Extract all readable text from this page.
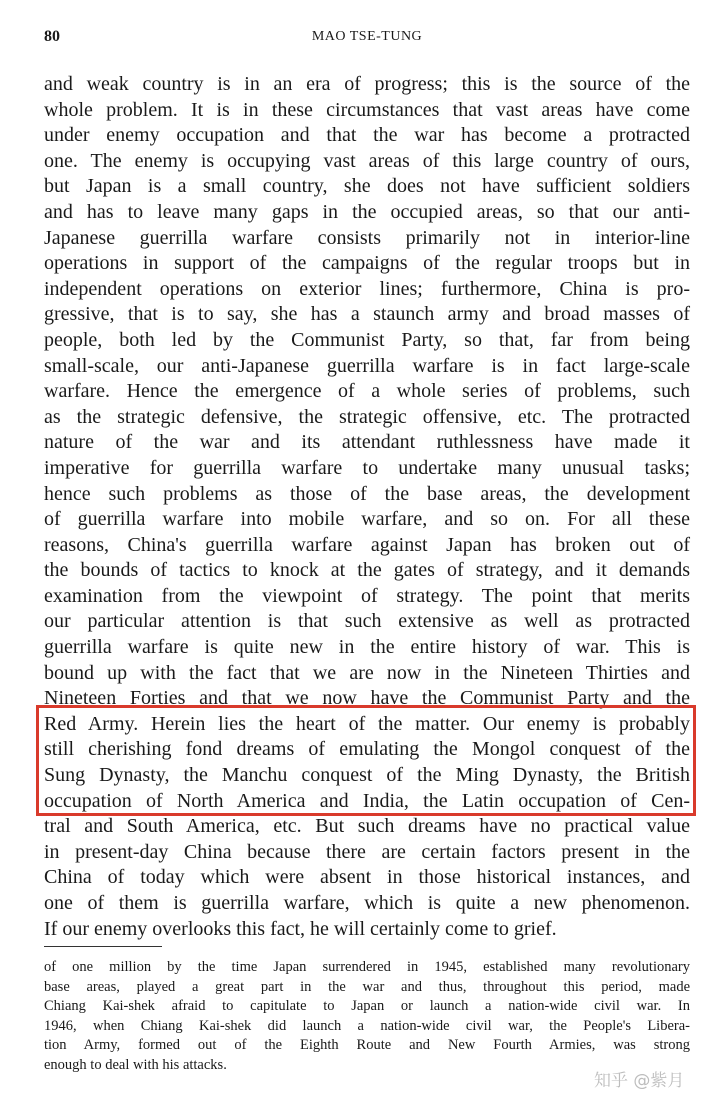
80	MAO TSE-TUNG
and weak country is in an era of progress; this is the source of the
whole problem. It is in these circumstances that vast areas have come
under enemy occupation and that the war has become a protracted
one. The enemy is occupying vast areas of this large country of ours,
but Japan is a small country, she does not have sufficient soldiers
and has to leave many gaps in the occupied areas, so that our anti-
Japanese guerrilla warfare consists primarily not in interior-line
operations in support of the campaigns of the regular troops but in
independent operations on exterior lines; furthermore, China is pro-
gressive, that is to say, she has a staunch army and broad masses of
people, both led by the Communist Party, so that, far from being
small-scale, our anti-Japanese guerrilla warfare is in fact large-scale
warfare. Hence the emergence of a whole series of problems, such
as the strategic defensive, the strategic offensive, etc. The protracted
nature of the war and its attendant ruthlessness have made it
imperative for guerrilla warfare to undertake many unusual tasks;
hence such problems as those of the base areas, the development
of guerrilla warfare into mobile warfare, and so on. For all these
reasons, China's guerrilla warfare against Japan has broken out of
the bounds of tactics to knock at the gates of strategy, and it demands
examination from the viewpoint of strategy. The point that merits
our particular attention is that such extensive as well as protracted
guerrilla warfare is quite new in the entire history of war. This is
bound up with the fact that we are now in the Nineteen Thirties and
Nineteen Forties and that we now have the Communist Party and the
Red Army. Herein lies the heart of the matter. Our enemy is probably
still cherishing fond dreams of emulating the Mongol conquest of the
Sung Dynasty, the Manchu conquest of the Ming Dynasty, the British
occupation of North America and India, the Latin occupation of Cen-
tral and South America, etc. But such dreams have no practical value
in present-day China because there are certain factors present in the
China of today which were absent in those historical instances, and
one of them is guerrilla warfare, which is quite a new phenomenon.
If our enemy overlooks this fact, he will certainly come to grief.
of one million by the time Japan surrendered in 1945, established many revolutionary
base areas, played a great part in the war and thus, throughout this period, made
Chiang Kai-shek afraid to capitulate to Japan or launch a nation-wide civil war. In
1946, when Chiang Kai-shek did launch a nation-wide civil war, the People's Libera-
tion Army, formed out of the Eighth Route and New Fourth Armies, was strong
enough to deal with his attacks.
知乎 @紫月
